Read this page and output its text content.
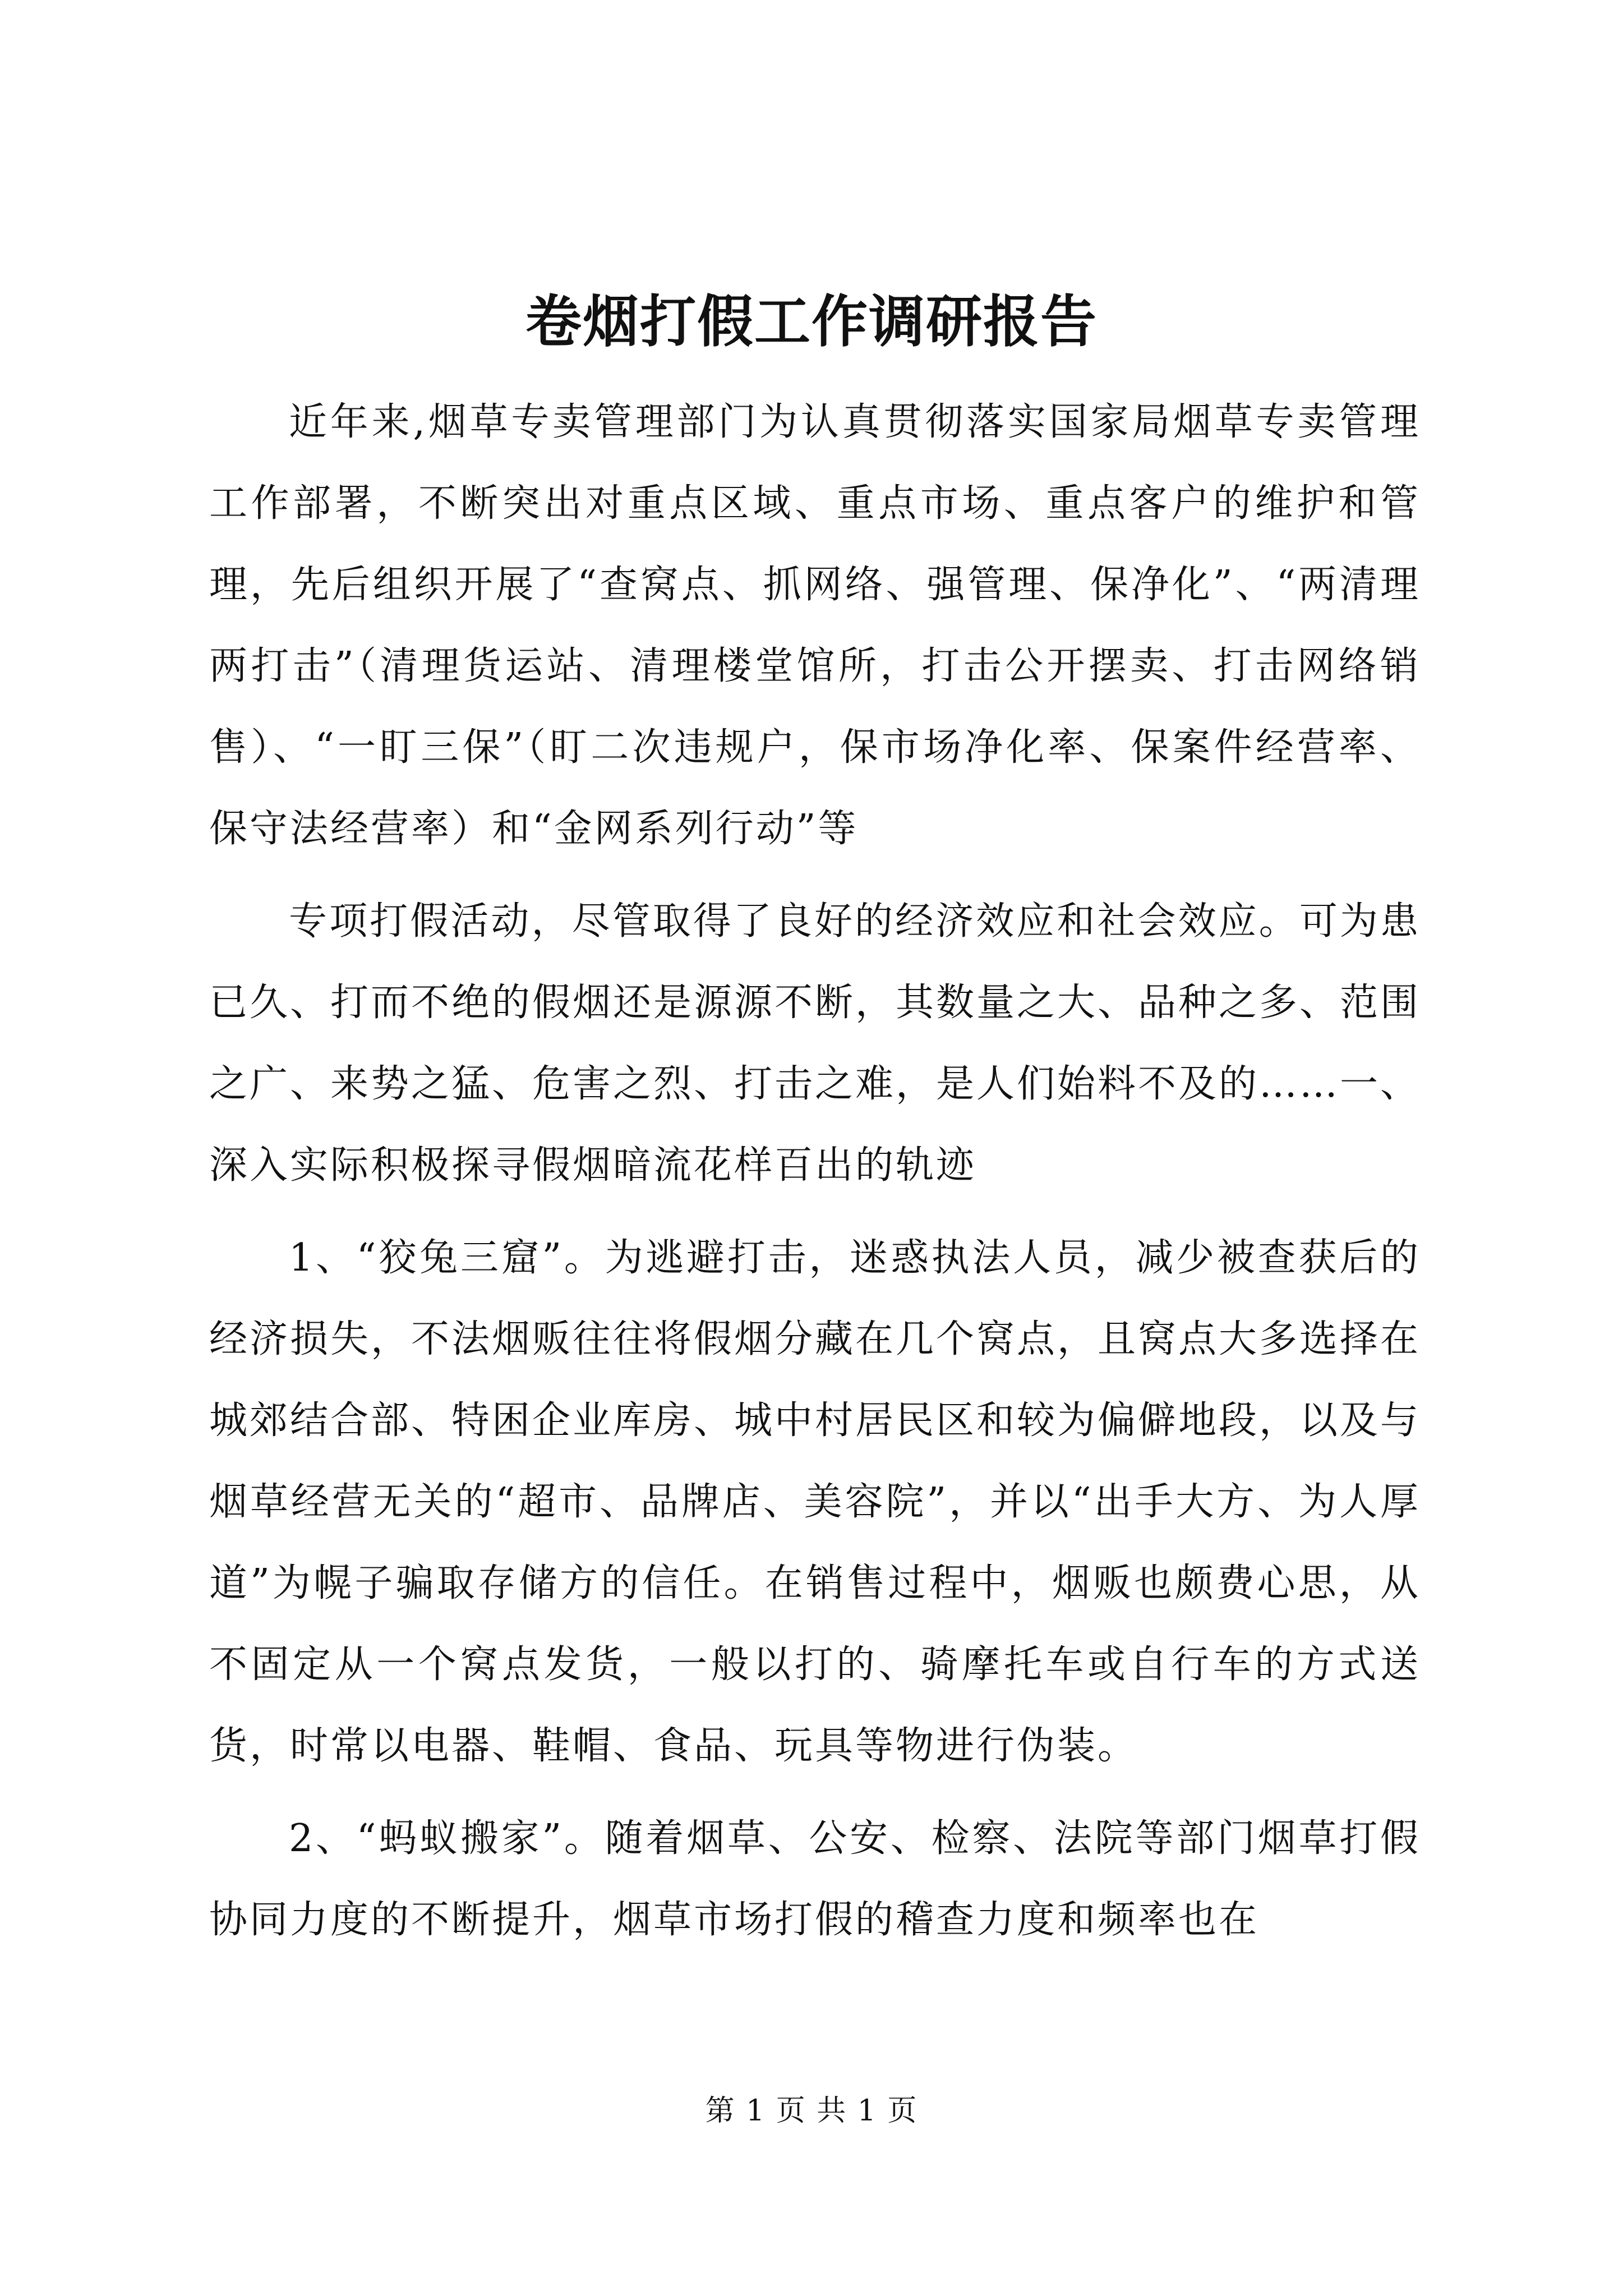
卷烟打假工作调研报告

近年来,烟草专卖管理部门为认真贯彻落实国家局烟草专卖管理工作部署，不断突出对重点区域、重点市场、重点客户的维护和管理，先后组织开展了“查窝点、抓网络、强管理、保净化”、“两清理两打击”（清理货运站、清理楼堂馆所，打击公开摆卖、打击网络销售）、“一盯三保”（盯二次违规户，保市场净化率、保案件经营率、保守法经营率）和“金网系列行动”等

专项打假活动，尽管取得了良好的经济效应和社会效应。可为患已久、打而不绝的假烟还是源源不断，其数量之大、品种之多、范围之广、来势之猛、危害之烈、打击之难，是人们始料不及的……一、深入实际积极探寻假烟暗流花样百出的轨迹

1、“狡兔三窟”。为逃避打击，迷惑执法人员，减少被查获后的经济损失，不法烟贩往往将假烟分藏在几个窝点，且窝点大多选择在城郊结合部、特困企业库房、城中村居民区和较为偏僻地段，以及与烟草经营无关的“超市、品牌店、美容院”，并以“出手大方、为人厚道”为幌子骗取存储方的信任。在销售过程中，烟贩也颇费心思，从不固定从一个窝点发货，一般以打的、骑摩托车或自行车的方式送货，时常以电器、鞋帽、食品、玩具等物进行伪装。

2、“蚂蚁搬家”。随着烟草、公安、检察、法院等部门烟草打假协同力度的不断提升，烟草市场打假的稽查力度和频率也在

第 1 页 共 1 页
